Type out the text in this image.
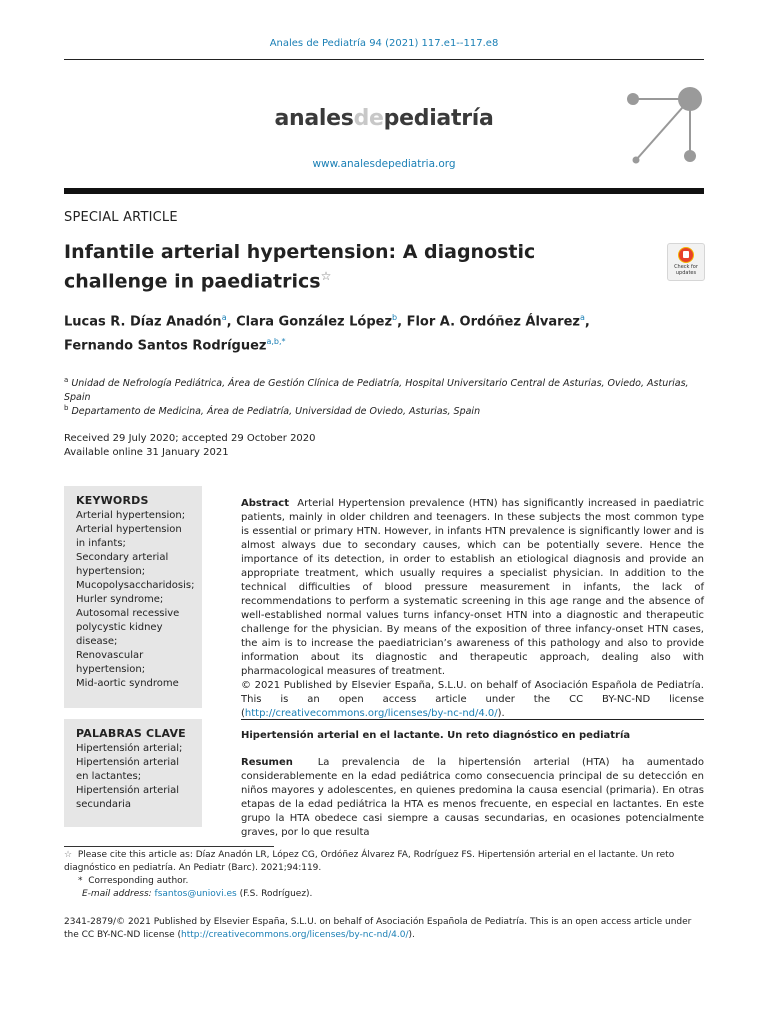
Anales de Pediatría 94 (2021) 117.e1--117.e8
analesdepediatría
www.analesdepediatria.org
SPECIAL ARTICLE
Infantile arterial hypertension: A diagnostic challenge in paediatrics☆
Check for updates
Lucas R. Díaz Anadón$^a$, Clara González López$^b$, Flor A. Ordóñez Álvarez$^a$,
Fernando Santos Rodríguez$^{a,b,*}$
$^a$ Unidad de Nefrología Pediátrica, Área de Gestión Clínica de Pediatría, Hospital Universitario Central de Asturias, Oviedo, Asturias, Spain
$^b$ Departamento de Medicina, Área de Pediatría, Universidad de Oviedo, Asturias, Spain
Received 29 July 2020; accepted 29 October 2020
Available online 31 January 2021
KEYWORDS
Arterial hypertension;
Arterial hypertension
in infants;
Secondary arterial
hypertension;
Mucopolysaccharidosis;
Hurler syndrome;
Autosomal recessive
polycystic kidney
disease;
Renovascular
hypertension;
Mid-aortic syndrome
PALABRAS CLAVE
Hipertensión arterial;
Hipertensión arterial
en lactantes;
Hipertensión arterial
secundaria
Abstract Arterial Hypertension prevalence (HTN) has significantly increased in paediatric patients, mainly in older children and teenagers. In these subjects the most common type is essential or primary HTN. However, in infants HTN prevalence is significantly lower and is almost always due to secondary causes, which can be potentially severe. Hence the importance of its detection, in order to establish an etiological diagnosis and provide an appropriate treatment, which usually requires a specialist physician. In addition to the technical difficulties of blood pressure measurement in infants, the lack of recommendations to perform a systematic screening in this age range and the absence of well-established normal values turns infancy-onset HTN into a diagnostic and therapeutic challenge for the physician. By means of the exposition of three infancy-onset HTN cases, the aim is to increase the paediatrician’s awareness of this pathology and also to provide information about its diagnostic and therapeutic approach, dealing also with pharmacological measures of treatment.
© 2021 Published by Elsevier España, S.L.U. on behalf of Asociación Española de Pediatría. This is an open access article under the CC BY-NC-ND license (http://creativecommons.org/licenses/by-nc-nd/4.0/).
Hipertensión arterial en el lactante. Un reto diagnóstico en pediatría
Resumen La prevalencia de la hipertensión arterial (HTA) ha aumentado considerablemente en la edad pediátrica como consecuencia principal de su detección en niños mayores y adolescentes, en quienes predomina la causa esencial (primaria). En otras etapas de la edad pediátrica la HTA es menos frecuente, en especial en lactantes. En este grupo la HTA obedece casi siempre a causas secundarias, en ocasiones potencialmente graves, por lo que resulta
☆ Please cite this article as: Díaz Anadón LR, López CG, Ordóñez Álvarez FA, Rodríguez FS. Hipertensión arterial en el lactante. Un reto diagnóstico en pediatría. An Pediatr (Barc). 2021;94:119.
* Corresponding author.
E-mail address: fsantos@uniovi.es (F.S. Rodríguez).
2341-2879/© 2021 Published by Elsevier España, S.L.U. on behalf of Asociación Española de Pediatría. This is an open access article under the CC BY-NC-ND license (http://creativecommons.org/licenses/by-nc-nd/4.0/).
